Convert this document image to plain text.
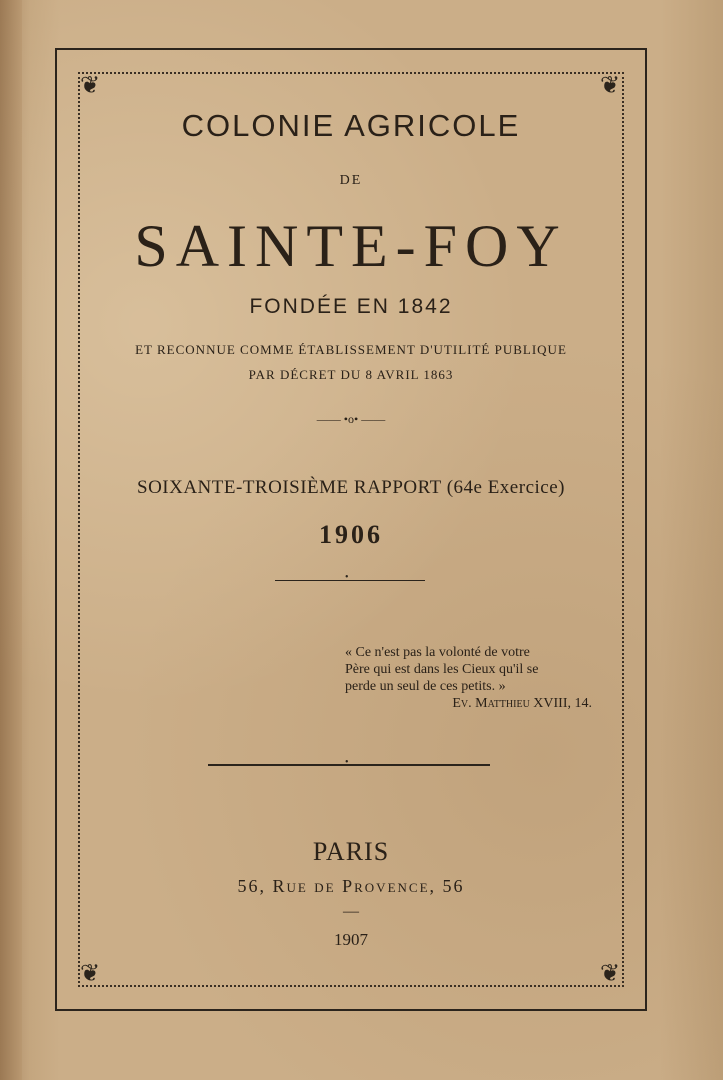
❦	❦
❦	❦
COLONIE AGRICOLE
DE
SAINTE-FOY
FONDÉE EN 1842
ET RECONNUE COMME ÉTABLISSEMENT D'UTILITÉ PUBLIQUE
PAR DÉCRET DU 8 AVRIL 1863
—— •o• ——
SOIXANTE-TROISIÈME RAPPORT (64e Exercice)
1906
•
« Ce n'est pas la volonté de votre
Père qui est dans les Cieux qu'il se
perde un seul de ces petits. »

Ev. Matthieu XVIII, 14.
•
PARIS
56, Rue de Provence, 56
—
1907
